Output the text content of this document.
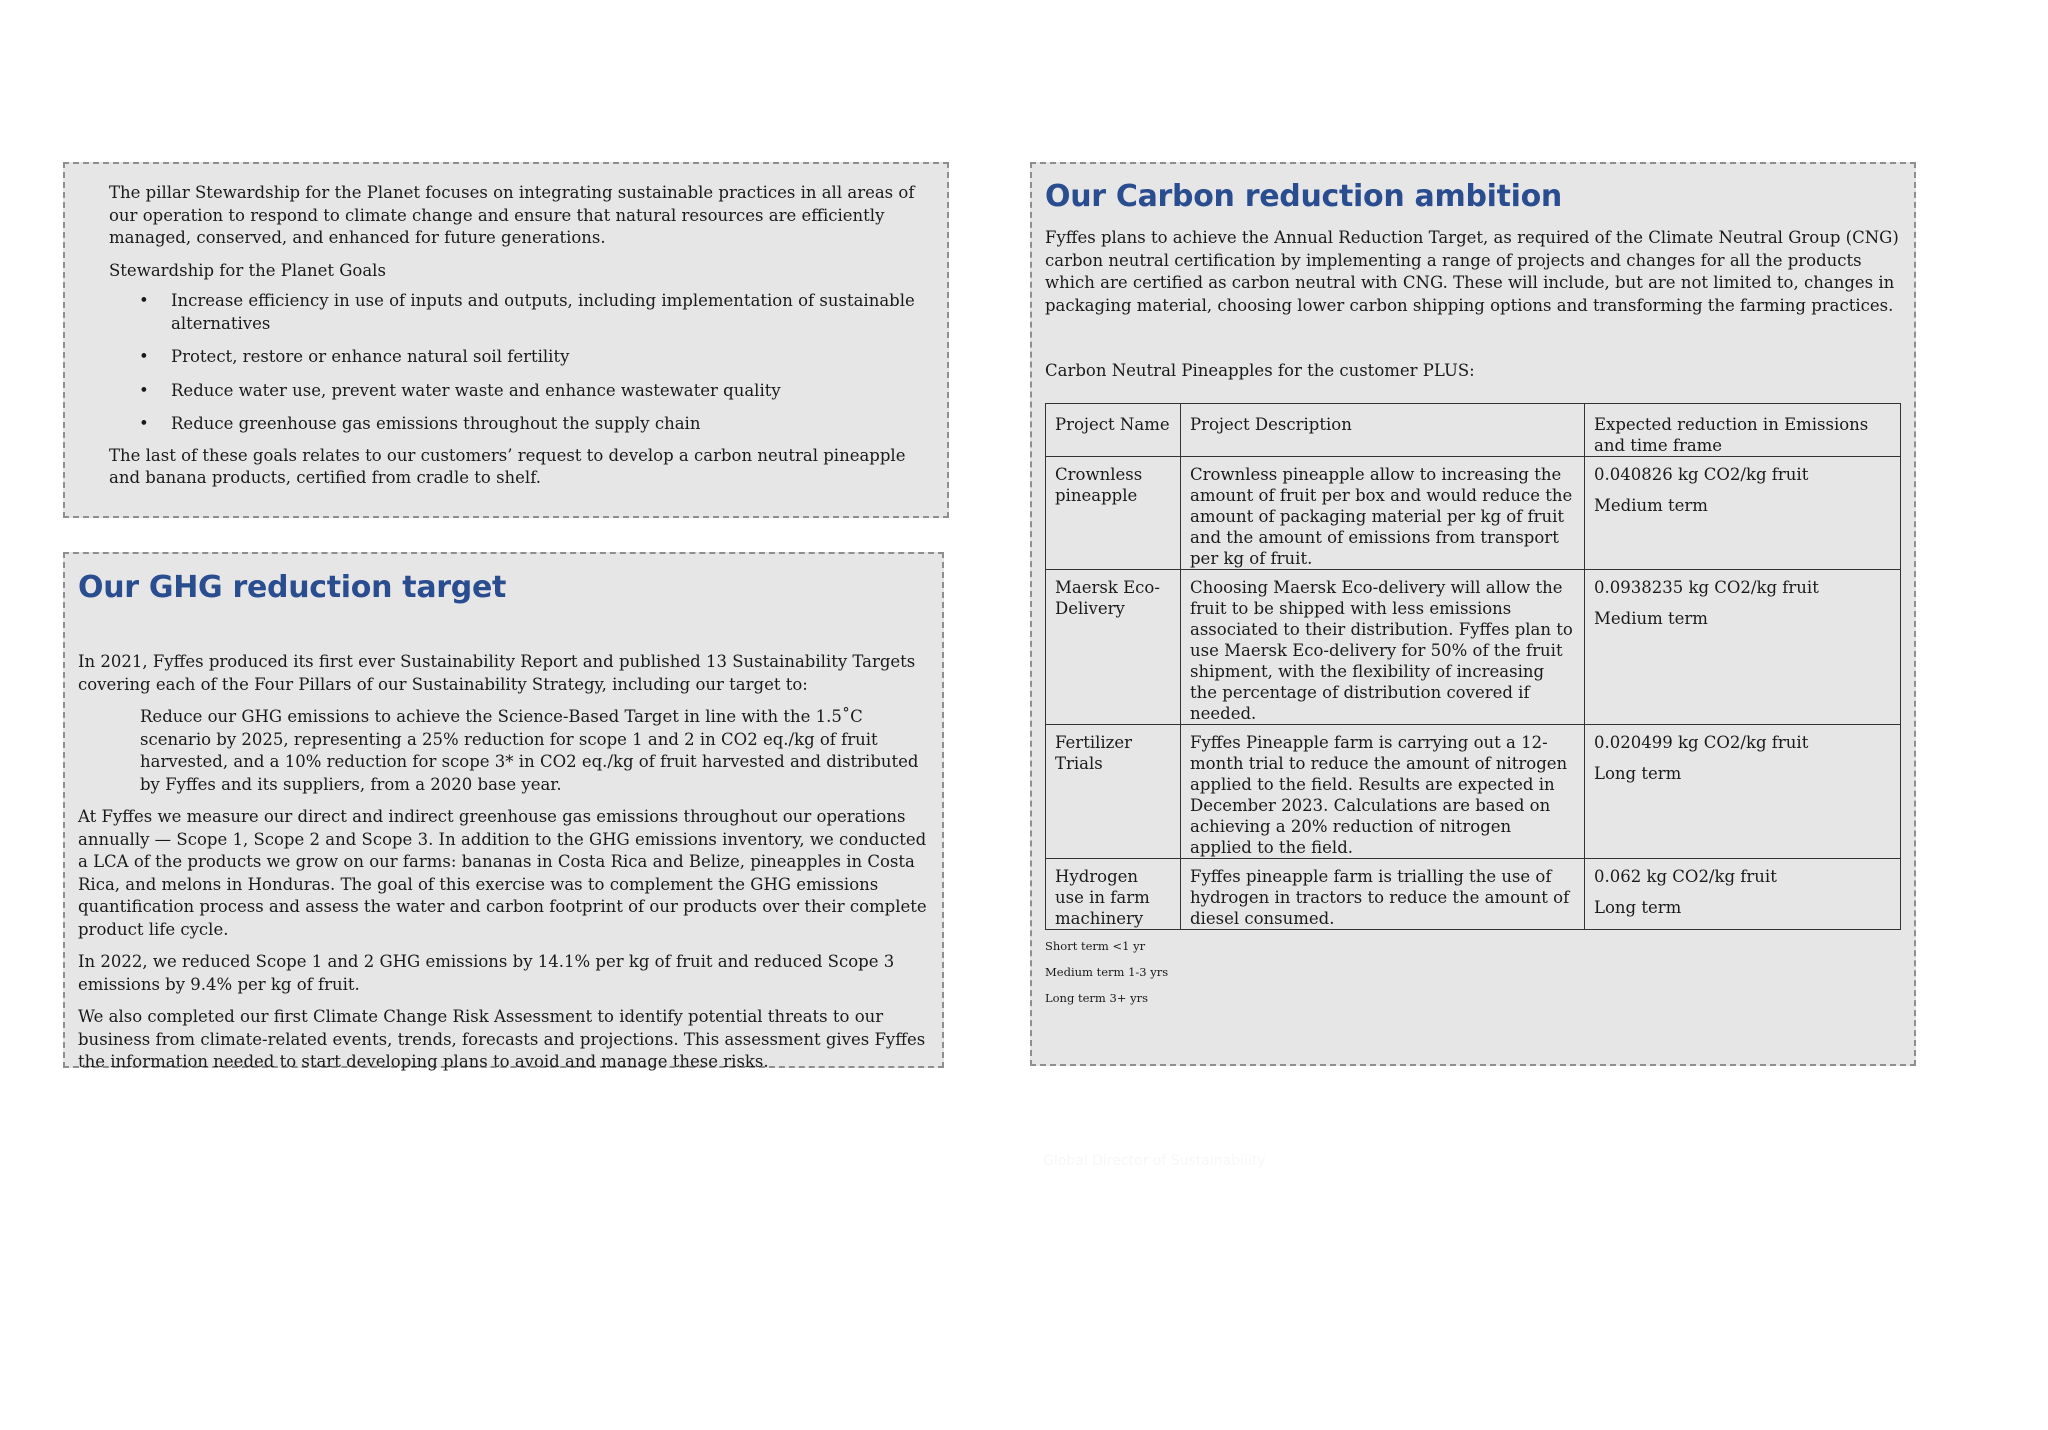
The pillar Stewardship for the Planet focuses on integrating sustainable practices in all areas of our operation to respond to climate change and ensure that natural resources are efficiently managed, conserved, and enhanced for future generations.

Stewardship for the Planet Goals

• Increase efficiency in use of inputs and outputs, including implementation of sustainable alternatives
• Protect, restore or enhance natural soil fertility
• Reduce water use, prevent water waste and enhance wastewater quality
• Reduce greenhouse gas emissions throughout the supply chain

The last of these goals relates to our customers’ request to develop a carbon neutral pineapple and banana products, certified from cradle to shelf.

Our GHG reduction target

In 2021, Fyffes produced its first ever Sustainability Report and published 13 Sustainability Targets covering each of the Four Pillars of our Sustainability Strategy, including our target to:

Reduce our GHG emissions to achieve the Science-Based Target in line with the 1.5˚C scenario by 2025, representing a 25% reduction for scope 1 and 2 in CO2 eq./kg of fruit harvested, and a 10% reduction for scope 3* in CO2 eq./kg of fruit harvested and distributed by Fyffes and its suppliers, from a 2020 base year.

At Fyffes we measure our direct and indirect greenhouse gas emissions throughout our operations annually — Scope 1, Scope 2 and Scope 3. In addition to the GHG emissions inventory, we conducted a LCA of the products we grow on our farms: bananas in Costa Rica and Belize, pineapples in Costa Rica, and melons in Honduras. The goal of this exercise was to complement the GHG emissions quantification process and assess the water and carbon footprint of our products over their complete product life cycle.

In 2022, we reduced Scope 1 and 2 GHG emissions by 14.1% per kg of fruit and reduced Scope 3 emissions by 9.4% per kg of fruit.

We also completed our first Climate Change Risk Assessment to identify potential threats to our business from climate-related events, trends, forecasts and projections. This assessment gives Fyffes the information needed to start developing plans to avoid and manage these risks.

Our Carbon reduction ambition

Fyffes plans to achieve the Annual Reduction Target, as required of the Climate Neutral Group (CNG) carbon neutral certification by implementing a range of projects and changes for all the products which are certified as carbon neutral with CNG. These will include, but are not limited to, changes in packaging material, choosing lower carbon shipping options and transforming the farming practices.

Carbon Neutral Pineapples for the customer PLUS:

Project Name	Project Description	Expected reduction in Emissions and time frame
Crownless pineapple	Crownless pineapple allow to increasing the amount of fruit per box and would reduce the amount of packaging material per kg of fruit and the amount of emissions from transport per kg of fruit.	0.040826 kg CO2/kg fruit
Medium term

Maersk Eco-Delivery	Choosing Maersk Eco-delivery will allow the fruit to be shipped with less emissions associated to their distribution. Fyffes plan to use Maersk Eco-delivery for 50% of the fruit shipment, with the flexibility of increasing the percentage of distribution covered if needed.	0.0938235 kg CO2/kg fruit
Medium term

Fertilizer Trials	Fyffes Pineapple farm is carrying out a 12-month trial to reduce the amount of nitrogen applied to the field. Results are expected in December 2023. Calculations are based on achieving a 20% reduction of nitrogen applied to the field.	0.020499 kg CO2/kg fruit
Long term

Hydrogen use in farm machinery	Fyffes pineapple farm is trialling the use of hydrogen in tractors to reduce the amount of diesel consumed.	0.062 kg CO2/kg fruit
Long term
Short term <1 yr
Medium term 1-3 yrs
Long term 3+ yrs
Global Director of Sustainability
